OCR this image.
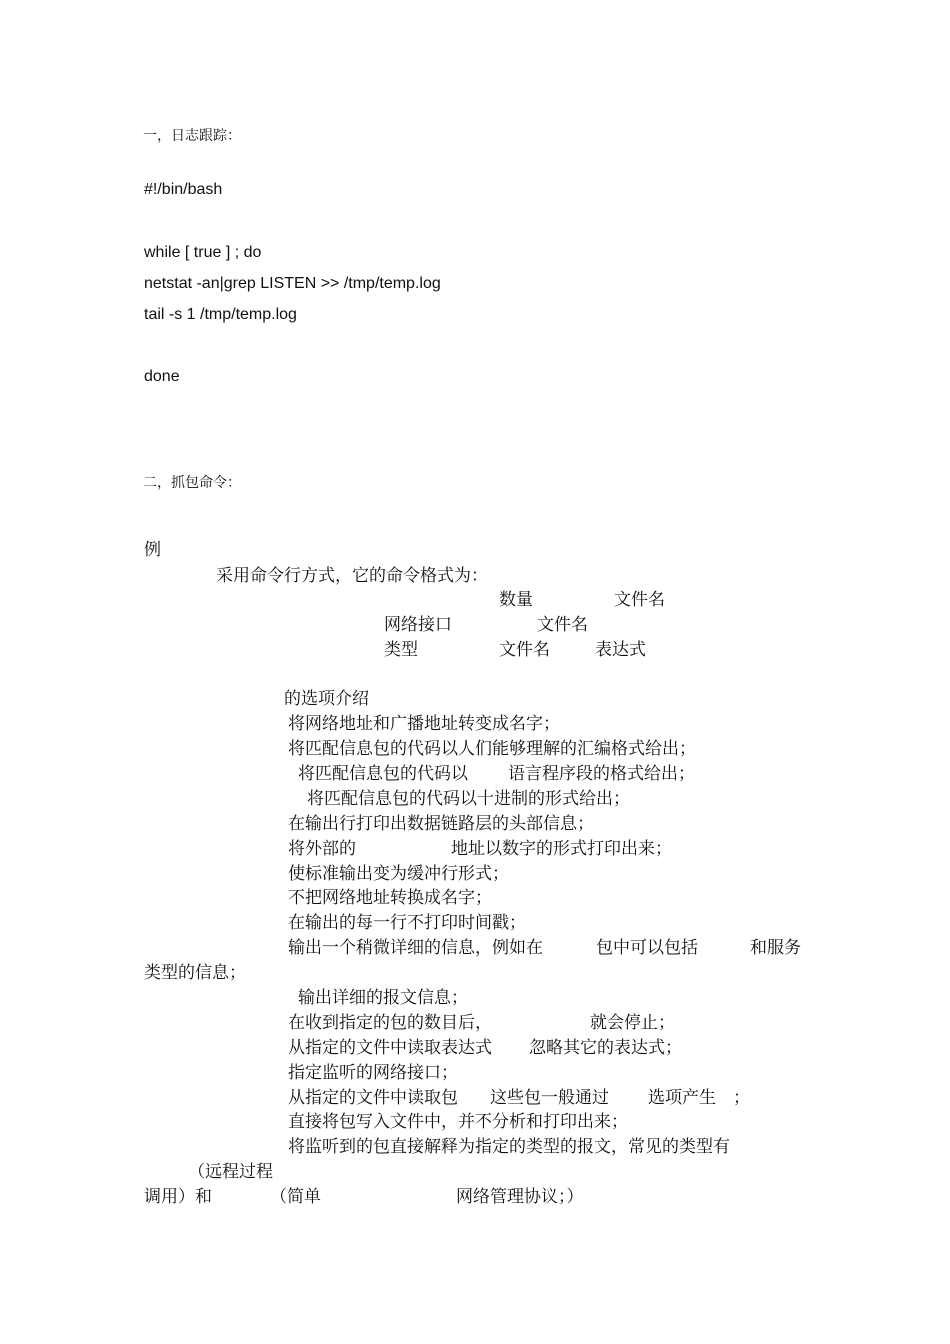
一，日志跟踪：
#!/bin/bash
while [ true ] ; do
netstat -an|grep LISTEN >> /tmp/temp.log
tail -s 1 /tmp/temp.log
done
二，抓包命令：
例
采用命令行方式，它的命令格式为：
数量	文件名
网络接口	文件名
类型	文件名	表达式
的选项介绍
将网络地址和广播地址转变成名字；
将匹配信息包的代码以人们能够理解的汇编格式给出；
将匹配信息包的代码以 语言程序段的格式给出；
将匹配信息包的代码以十进制的形式给出；
在输出行打印出数据链路层的头部信息；
将外部的	地址以数字的形式打印出来；
使标准输出变为缓冲行形式；
不把网络地址转换成名字；
在输出的每一行不打印时间戳；
输出一个稍微详细的信息，例如在	包中可以包括	和服务
类型的信息；
输出详细的报文信息；
在收到指定的包的数目后，	就会停止；
从指定的文件中读取表达式 忽略其它的表达式；
指定监听的网络接口；
从指定的文件中读取包 这些包一般通过 选项产生 ；
直接将包写入文件中，并不分析和打印出来；
将监听到的包直接解释为指定的类型的报文，常见的类型有
（远程过程
调用）和	（简单	网络管理协议；）
